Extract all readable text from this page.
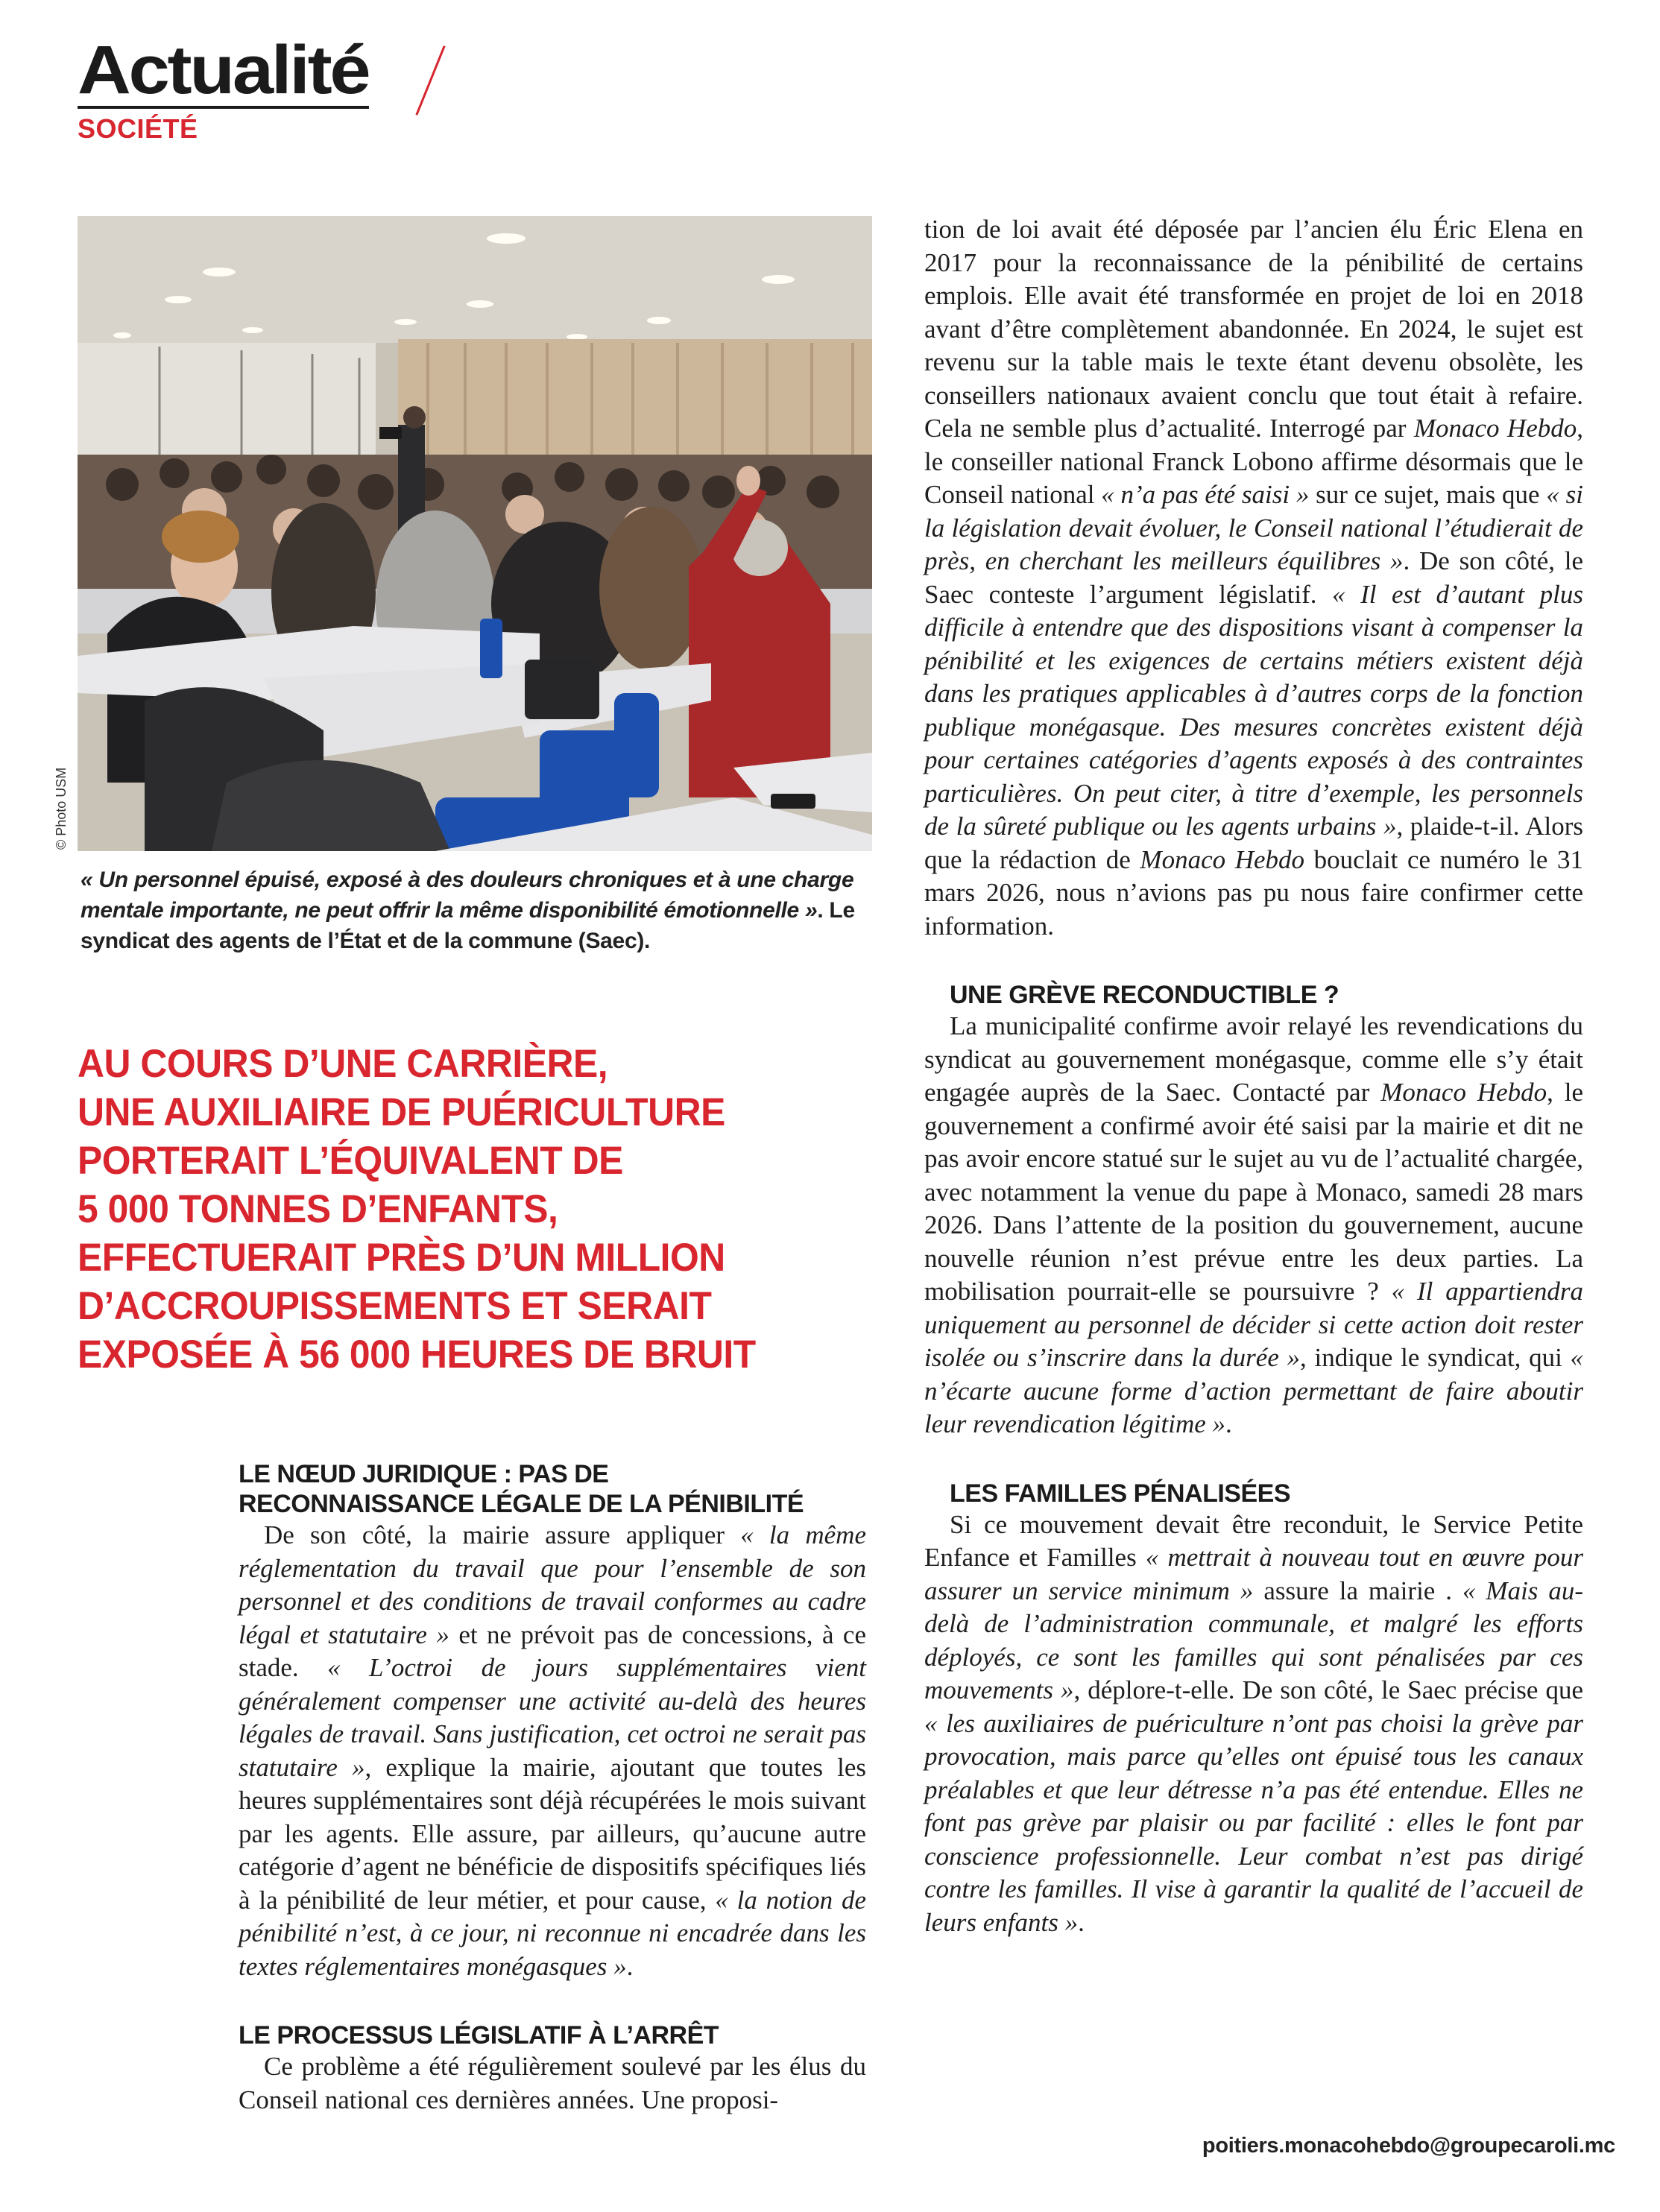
Actualité
SOCIÉTÉ
© Photo USM
« Un personnel épuisé, exposé à des douleurs chroniques et à une charge mentale importante, ne peut offrir la même disponibilité émotionnelle ». Le syndicat des agents de l’État et de la commune (Saec).
AU COURS D’UNE CARRIÈRE,
UNE AUXILIAIRE DE PUÉRICULTURE
PORTERAIT L’ÉQUIVALENT DE
5 000 TONNES D’ENFANTS,
EFFECTUERAIT PRÈS D’UN MILLION
D’ACCROUPISSEMENTS ET SERAIT
EXPOSÉE À 56 000 HEURES DE BRUIT
LE NŒUD JURIDIQUE : PAS DE
RECONNAISSANCE LÉGALE DE LA PÉNIBILITÉ

De son côté, la mairie assure appliquer « la même réglementation du travail que pour l’ensemble de son personnel et des conditions de travail conformes au cadre légal et statutaire » et ne prévoit pas de concessions, à ce stade. « L’octroi de jours supplémentaires vient généralement compenser une activité au-delà des heures légales de travail. Sans justification, cet octroi ne serait pas statutaire », explique la mairie, ajoutant que toutes les heures supplémentaires sont déjà récupérées le mois suivant par les agents. Elle assure, par ailleurs, qu’aucune autre catégorie d’agent ne bénéficie de dispositifs spécifiques liés à la pénibilité de leur métier, et pour cause, « la notion de pénibilité n’est, à ce jour, ni reconnue ni encadrée dans les textes réglementaires monégasques ».

LE PROCESSUS LÉGISLATIF À L’ARRÊT

Ce problème a été régulièrement soulevé par les élus du Conseil national ces dernières années. Une proposi-

tion de loi avait été déposée par l’ancien élu Éric Elena en 2017 pour la reconnaissance de la pénibilité de certains emplois. Elle avait été transformée en projet de loi en 2018 avant d’être complètement abandonnée. En 2024, le sujet est revenu sur la table mais le texte étant devenu obsolète, les conseillers nationaux avaient conclu que tout était à refaire. Cela ne semble plus d’actualité. Interrogé par Monaco Hebdo, le conseiller national Franck Lobono affirme désormais que le Conseil national « n’a pas été saisi » sur ce sujet, mais que « si la législation devait évoluer, le Conseil national l’étudierait de près, en cherchant les meilleurs équilibres ». De son côté, le Saec conteste l’argument législatif. « Il est d’autant plus difficile à entendre que des dispositions visant à compenser la pénibilité et les exigences de certains métiers existent déjà dans les pratiques applicables à d’autres corps de la fonction publique monégasque. Des mesures concrètes existent déjà pour certaines catégories d’agents exposés à des contraintes particulières. On peut citer, à titre d’exemple, les personnels de la sûreté publique ou les agents urbains », plaide-t-il. Alors que la rédaction de Monaco Hebdo bouclait ce numéro le 31 mars 2026, nous n’avions pas pu nous faire confirmer cette information.

UNE GRÈVE RECONDUCTIBLE ?

La municipalité confirme avoir relayé les revendications du syndicat au gouvernement monégasque, comme elle s’y était engagée auprès de la Saec. Contacté par Monaco Hebdo, le gouvernement a confirmé avoir été saisi par la mairie et dit ne pas avoir encore statué sur le sujet au vu de l’actualité chargée, avec notamment la venue du pape à Monaco, samedi 28 mars 2026. Dans l’attente de la position du gouvernement, aucune nouvelle réunion n’est prévue entre les deux parties. La mobilisation pourrait-elle se poursuivre ? « Il appartiendra uniquement au personnel de décider si cette action doit rester isolée ou s’inscrire dans la durée », indique le syndicat, qui « n’écarte aucune forme d’action permettant de faire aboutir leur revendication légitime ».

LES FAMILLES PÉNALISÉES

Si ce mouvement devait être reconduit, le Service Petite Enfance et Familles « mettrait à nouveau tout en œuvre pour assurer un service minimum » assure la mairie . « Mais au-delà de l’administration communale, et malgré les efforts déployés, ce sont les familles qui sont pénalisées par ces mouvements », déplore-t-elle. De son côté, le Saec précise que « les auxiliaires de puériculture n’ont pas choisi la grève par provocation, mais parce qu’elles ont épuisé tous les canaux préalables et que leur détresse n’a pas été entendue. Elles ne font pas grève par plaisir ou par facilité : elles le font par conscience professionnelle. Leur combat n’est pas dirigé contre les familles. Il vise à garantir la qualité de l’accueil de leurs enfants ».

poitiers.monacohebdo@groupecaroli.mc
